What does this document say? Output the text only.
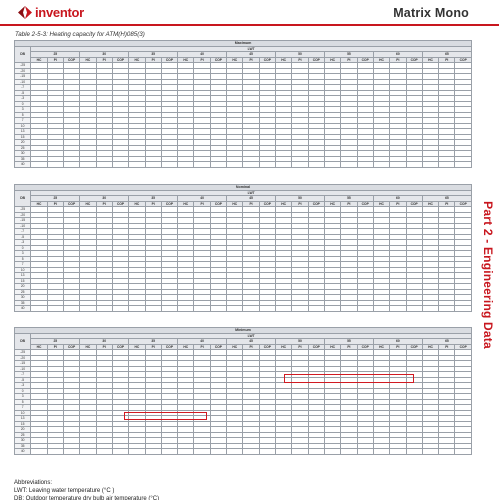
inventor	Matrix Mono
Table 2-5-3: Heating capacity for ATM(H)085(3)
Part 2 - Engineering Data
Maximum																											
DB	LWT																										
	25			30			35			40			45			50			55			60			65		
	HC	PI	COP	HC	PI	COP	HC	PI	COP	HC	PI	COP	HC	PI	COP	HC	PI	COP	HC	PI	COP	HC	PI	COP	HC	PI	COP
-25																											
-20																											
-15																											
-10																											
-7																											
-5																											
-3																											
0																											
3																											
5																											
7																											
10																											
13																											
15																											
20																											
25																											
30																											
35																											
40																											
Nominal																											
DB	LWT																										
	25			30			35			40			45			50			55			60			65		
	HC	PI	COP	HC	PI	COP	HC	PI	COP	HC	PI	COP	HC	PI	COP	HC	PI	COP	HC	PI	COP	HC	PI	COP	HC	PI	COP
-25																											
-20																											
-15																											
-10																											
-7																											
-5																											
-3																											
0																											
3																											
5																											
7																											
10																											
13																											
15																											
20																											
25																											
30																											
35																											
40																											
Minimum																											
DB	LWT																										
	25			30			35			40			45			50			55			60			65		
	HC	PI	COP	HC	PI	COP	HC	PI	COP	HC	PI	COP	HC	PI	COP	HC	PI	COP	HC	PI	COP	HC	PI	COP	HC	PI	COP
-25																											
-20																											
-15																											
-10																											
-7																											
-5																											
-3																											
0																											
3																											
5																											
7																											
10																											
13																											
15																											
20																											
25																											
30																											
35																											
40																											
Abbreviations:
LWT: Leaving water temperature (°C )
DB: Outdoor temperature dry bulb air temperature (°C)
